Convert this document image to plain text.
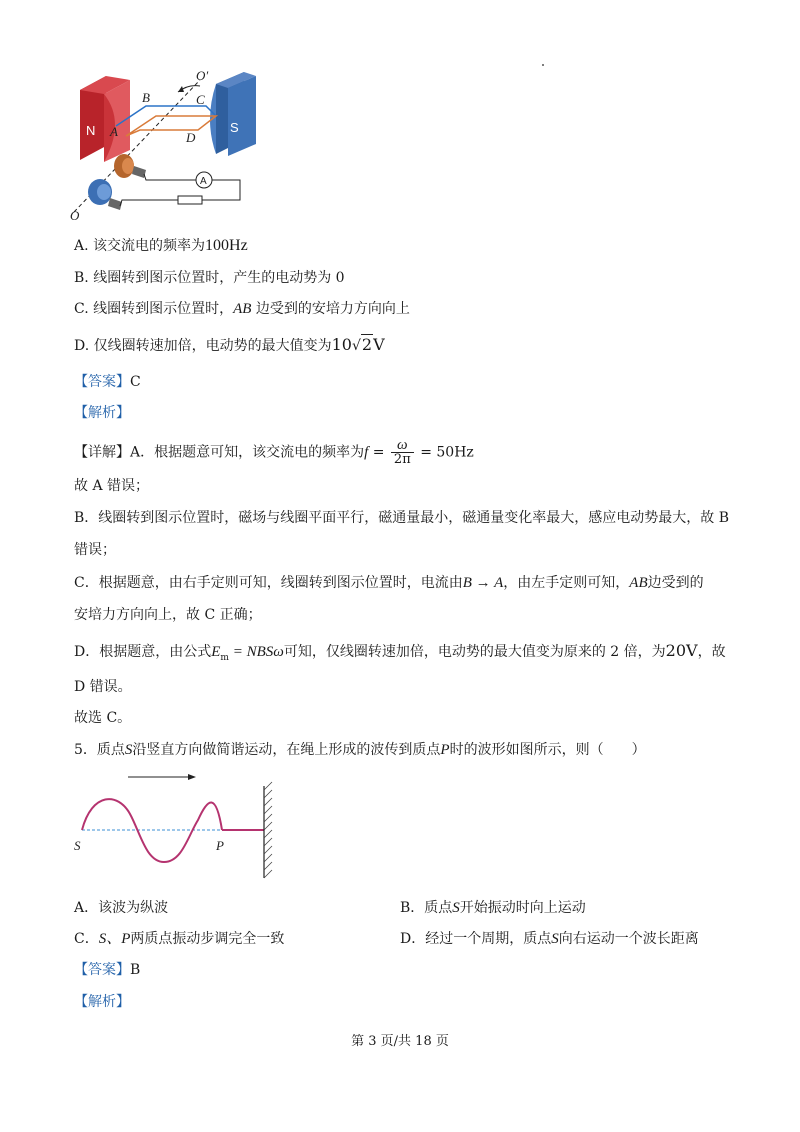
N	S
A
B
A
C
D
O′
O
A. 该交流电的频率为100Hz
B. 线圈转到图示位置时，产生的电动势为 0
C. 线圈转到图示位置时，AB 边受到的安培力方向向上
D. 仅线圈转速加倍，电动势的最大值变为10√2V
【答案】C
【解析】
【详解】A．根据题意可知，该交流电的频率为$f = \frac{\omega}{2\pi} = 50Hz$
故 A 错误；
B．线圈转到图示位置时，磁场与线圈平面平行，磁通量最小，磁通量变化率最大，感应电动势最大，故 B
错误；
C．根据题意，由右手定则可知，线圈转到图示位置时，电流由B → A，由左手定则可知，AB边受到的
安培力方向向上，故 C 正确；
D．根据题意，由公式$E_m = NBS\omega$可知，仅线圈转速加倍，电动势的最大值变为原来的 2 倍，为20V，故
D 错误。
故选 C。
5．质点S沿竖直方向做简谐运动，在绳上形成的波传到质点P时的波形如图所示，则（　　）
S	P
A．该波为纵波	B．质点S开始振动时向上运动
C．S、P两质点振动步调完全一致	D．经过一个周期，质点S向右运动一个波长距离
【答案】B
【解析】
第 3 页/共 18 页
